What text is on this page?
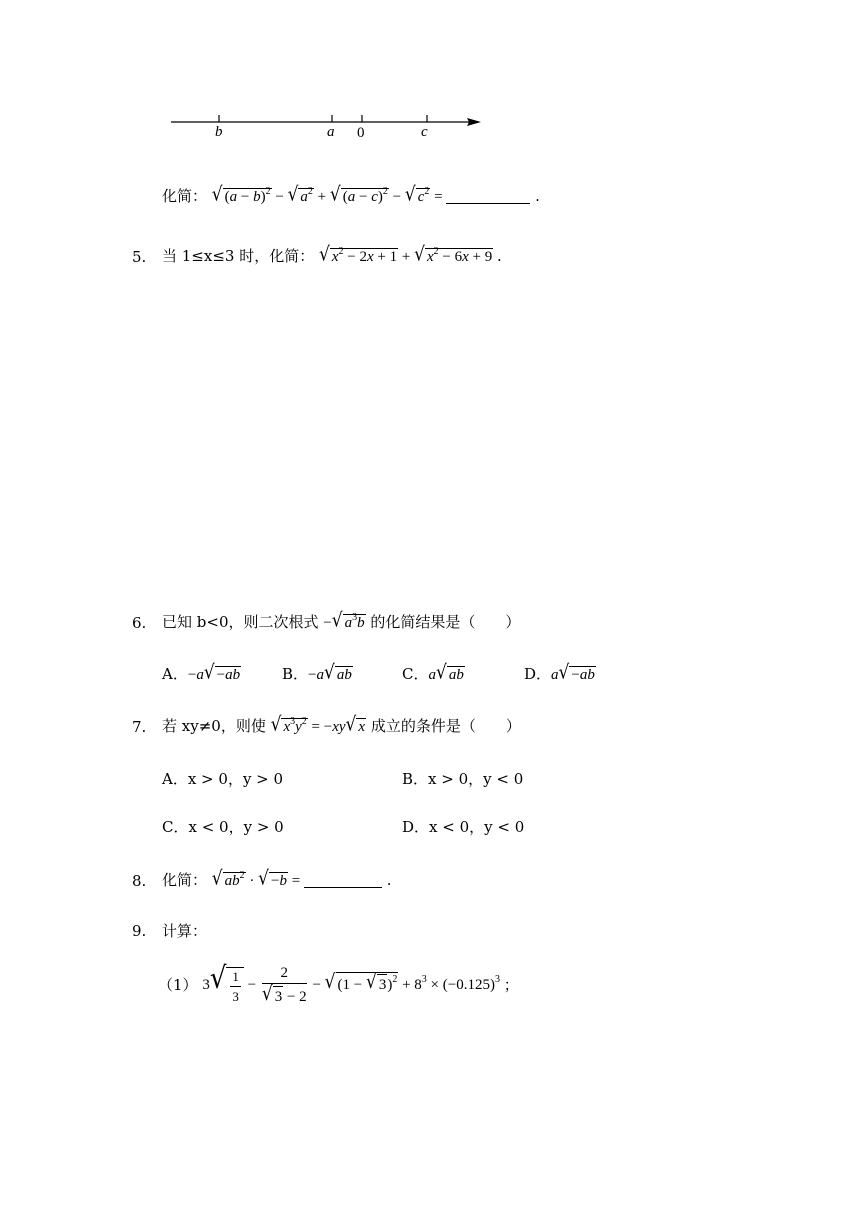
b	a 0	c
化简： √ $(a - b)^2$ − √ $a^2$ + √ $(a - c)^2$ − √ $c^2$ =	.
5. 当 1≤x≤3 时，化简： √ $x^2 - 2x + 1$ + √ $x^2 - 6x + 9$ .
6. 已知 b<0，则二次根式 −√ $a^3b$ 的化简结果是（　　）
A．−a√ −ab	B．−a√ ab	C．a√ ab	D．a√ −ab
7. 若 xy≠0，则使 √ $x^3y^2 = -xy√$ x 成立的条件是（　　）
A．x > 0，y > 0	B．x > 0，y < 0
C．x < 0，y > 0	D．x < 0，y < 0
8. 化简： √ $ab^2$ · √ −b =	.
9. 计算：
（1） $3√ \frac{1}{3} - \frac{2}{√ 3 - 2}$ − √ (1 − √ $3)^2 + 8^3 \times (-0.125)^3$ ；
